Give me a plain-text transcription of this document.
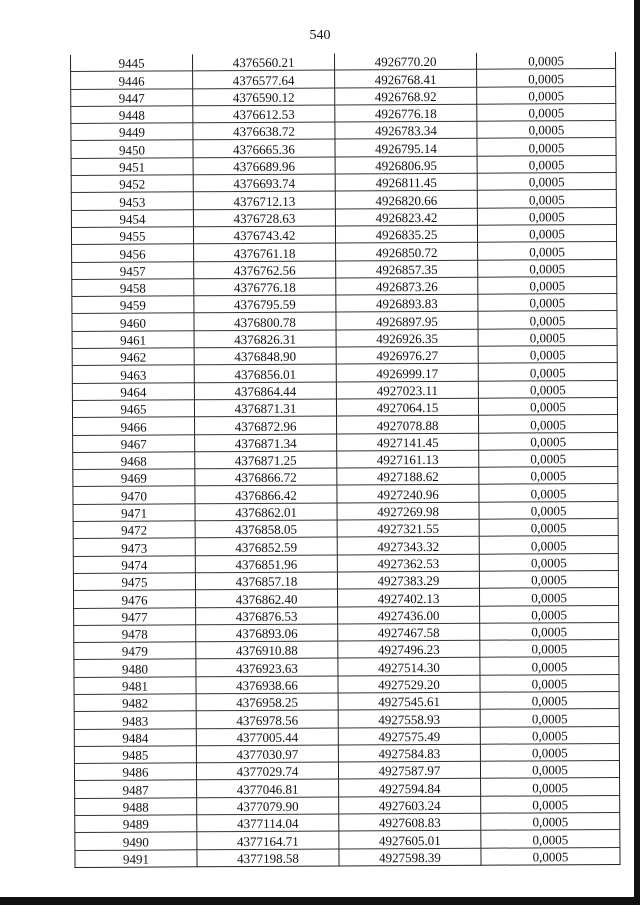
540
9445	4376560.21	4926770.20	0,0005
9446	4376577.64	4926768.41	0,0005
9447	4376590.12	4926768.92	0,0005
9448	4376612.53	4926776.18	0,0005
9449	4376638.72	4926783.34	0,0005
9450	4376665.36	4926795.14	0,0005
9451	4376689.96	4926806.95	0,0005
9452	4376693.74	4926811.45	0,0005
9453	4376712.13	4926820.66	0,0005
9454	4376728.63	4926823.42	0,0005
9455	4376743.42	4926835.25	0,0005
9456	4376761.18	4926850.72	0,0005
9457	4376762.56	4926857.35	0,0005
9458	4376776.18	4926873.26	0,0005
9459	4376795.59	4926893.83	0,0005
9460	4376800.78	4926897.95	0,0005
9461	4376826.31	4926926.35	0,0005
9462	4376848.90	4926976.27	0,0005
9463	4376856.01	4926999.17	0,0005
9464	4376864.44	4927023.11	0,0005
9465	4376871.31	4927064.15	0,0005
9466	4376872.96	4927078.88	0,0005
9467	4376871.34	4927141.45	0,0005
9468	4376871.25	4927161.13	0,0005
9469	4376866.72	4927188.62	0,0005
9470	4376866.42	4927240.96	0,0005
9471	4376862.01	4927269.98	0,0005
9472	4376858.05	4927321.55	0,0005
9473	4376852.59	4927343.32	0,0005
9474	4376851.96	4927362.53	0,0005
9475	4376857.18	4927383.29	0,0005
9476	4376862.40	4927402.13	0,0005
9477	4376876.53	4927436.00	0,0005
9478	4376893.06	4927467.58	0,0005
9479	4376910.88	4927496.23	0,0005
9480	4376923.63	4927514.30	0,0005
9481	4376938.66	4927529.20	0,0005
9482	4376958.25	4927545.61	0,0005
9483	4376978.56	4927558.93	0,0005
9484	4377005.44	4927575.49	0,0005
9485	4377030.97	4927584.83	0,0005
9486	4377029.74	4927587.97	0,0005
9487	4377046.81	4927594.84	0,0005
9488	4377079.90	4927603.24	0,0005
9489	4377114.04	4927608.83	0,0005
9490	4377164.71	4927605.01	0,0005
9491	4377198.58	4927598.39	0,0005
